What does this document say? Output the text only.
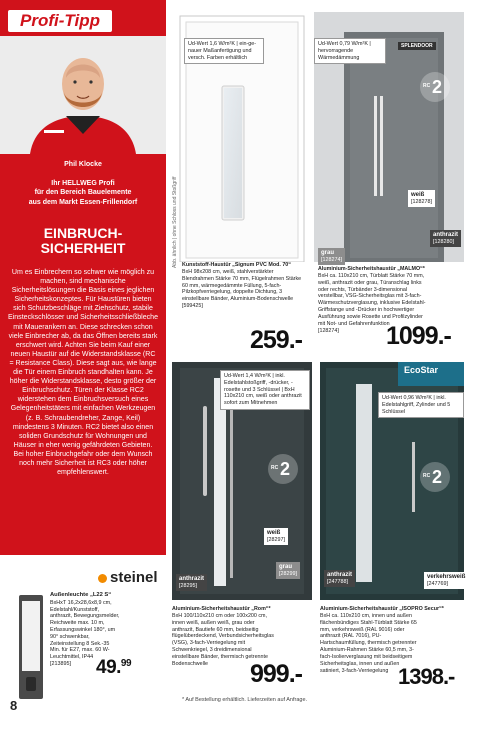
Profi-Tipp
Phil Klocke
Ihr HELLWEG Profi
für den Bereich Bauelemente
aus dem Markt Essen-Frillendorf
EINBRUCH-
SICHERHEIT
Um es Einbrechern so schwer wie möglich zu machen, sind mechanische Sicherheitslösungen die Basis eines jeglichen Sicherheitskonzeptes. Für Haustüren bieten sich Schutzbeschläge mit Ziehschutz, stabile Einsteckschlösser und Sicherheitsschließbleche mit Mauerankern an. Diese schrecken schon viele Einbrecher ab, da das Öffnen bereits stark erschwert wird. Achten Sie beim Kauf einer neuen Haustür auf die Widerstandsklasse (RC = Resistance Class). Diese sagt aus, wie lange die Tür einem Einbruch standhalten kann. Je höher die Widerstandsklasse, desto größer der Einbruchschutz. Türen der Klasse RC2 widerstehen dem Einbruchsversuch eines Gelegenheitstäters mit einfachen Werkzeugen (z. B. Schraubendreher, Zange, Keil) mindestens 3 Minuten. RC2 bietet also einen soliden Grundschutz für Wohnungen und Häuser in eher wenig gefährdeten Gebieten. Bei hoher Einbruchgefahr oder dem Wunsch noch mehr Sicherheit ist RC3 oder höher empfehlenswert.
steinel
Außenleuchte „L22 S“
BxHxT 16,2x28,6x8,9 cm, Edelstahl/Kunststoff, anthrazit, Bewegungsmelder, Reichweite max. 10 m, Erfassungswinkel 180°, um 90° schwenkbar, Zeiteinstellung 8 Sek.-35 Min. für E27, max. 60 W-Leuchtmittel, IP44
[213895]	49.99
Ud-Wert 1,6 W/m²K | ein-ge-nauer Maßanfertigung und versch. Farben erhältlich
Abb. ähnlich | ohne Schloss und Stoßgriff Kunststoff-Haustür „Signum PVC Mod. 70“
BxH 98x208 cm, weiß, stahlverstärkter Blendrahmen Stärke 70 mm, Flügelrahmen Stärke 60 mm, wärmegedämmte Füllung, 5-fach-Pilzkopfverriegelung, doppelte Dichtung, 3 einstellbare Bänder, Aluminium-Bodenschwelle
[599425]
259.-
Ud-Wert 0,79 W/m²K | hervorragende Wärmedämmung
SPLENDOOR
RC 2
weiß
[128278]
anthrazit
[128280]
grau
[128274]
Aluminium-Sicherheitshaustür „MALMO“*
BxH ca. 110x210 cm, Türblatt Stärke 70 mm, weiß, anthrazit oder grau, Türanschlag links oder rechts, Türbänder 3-dimensional verstellbar, VSG-Sicherheitsglas mit 3-fach-Wärmeschutzverglasung, inklusive Edelstahl-Griffstange und -Drücker in hochwertiger Ausführung sowie Rosette und Profilzylinder mit Not- und Gefahrenfunktion
[128274]	1099.-
Ud-Wert 1,4 W/m²K | inkl. Edelstahlstoßgriff, -drücker, -rosette und 3 Schlüssel | BxH 110x210 cm, weiß oder anthrazit sofort zum Mitnehmen
RC 2
weiß
[28297]
grau
[28299]
anthrazit
[28295]
Aluminium-Sicherheitshaustür „Rom“*
BxH 100/110x210 cm oder 100x200 cm, innen weiß, außen weiß, grau oder anthrazit, Bautiefe 60 mm, beidseitig flügelüberdeckend, Verbundsicherheitsglas (VSG), 3-fach-Verriegelung mit Schwenkriegel, 3 dreidimensional einstellbare Bänder, thermisch getrennte Bodenschwelle	999.-
EcoStar
Ud-Wert 0,96 W/m²K | inkl. Edelstahlgriff, Zylinder und 5 Schlüssel
RC 2
verkehrsweiß
[247769]
anthrazit
[247788]
Aluminium-Sicherheitshaustür „ISOPRO Secur“*
BxH ca. 110x210 cm, innen und außen flächenbündiges Stahl-Türblatt Stärke 65 mm, verkehrsweiß (RAL 9016) oder anthrazit (RAL 7016), PU-Hartschaumfüllung, thermisch getrennter Aluminium-Rahmen Stärke 60,5 mm, 3-fach-Isolierverglasung mit beidseitigem Sicherheitsglas, innen und außen satiniert, 3-fach-Verriegelung 1398.-
8	* Auf Bestellung erhältlich. Lieferzeiten auf Anfrage.
